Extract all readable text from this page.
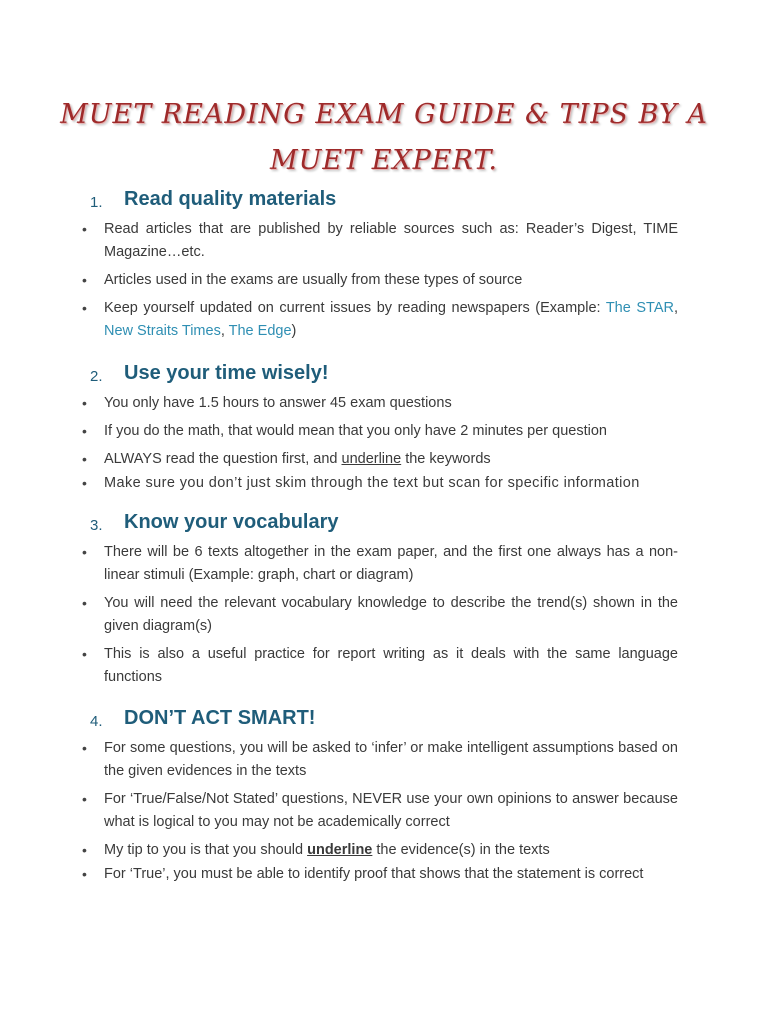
MUET READING EXAM GUIDE & TIPS BY A
MUET EXPERT.
1. Read quality materials
• Read articles that are published by reliable sources such as: Reader’s Digest, TIME Magazine…etc.
• Articles used in the exams are usually from these types of source
• Keep yourself updated on current issues by reading newspapers (Example: The STAR, New Straits Times, The Edge)
2. Use your time wisely!
• You only have 1.5 hours to answer 45 exam questions
• If you do the math, that would mean that you only have 2 minutes per question
• ALWAYS read the question first, and underline the keywords
• Make sure you don’t just skim through the text but scan for specific information
3. Know your vocabulary
• There will be 6 texts altogether in the exam paper, and the first one always has a non-linear stimuli (Example: graph, chart or diagram)
• You will need the relevant vocabulary knowledge to describe the trend(s) shown in the given diagram(s)
• This is also a useful practice for report writing as it deals with the same language functions
4. DON’T ACT SMART!
• For some questions, you will be asked to ‘infer’ or make intelligent assumptions based on the given evidences in the texts
• For ‘True/False/Not Stated’ questions, NEVER use your own opinions to answer because what is logical to you may not be academically correct
• My tip to you is that you should underline the evidence(s) in the texts
• For ‘True’, you must be able to identify proof that shows that the statement is correct
